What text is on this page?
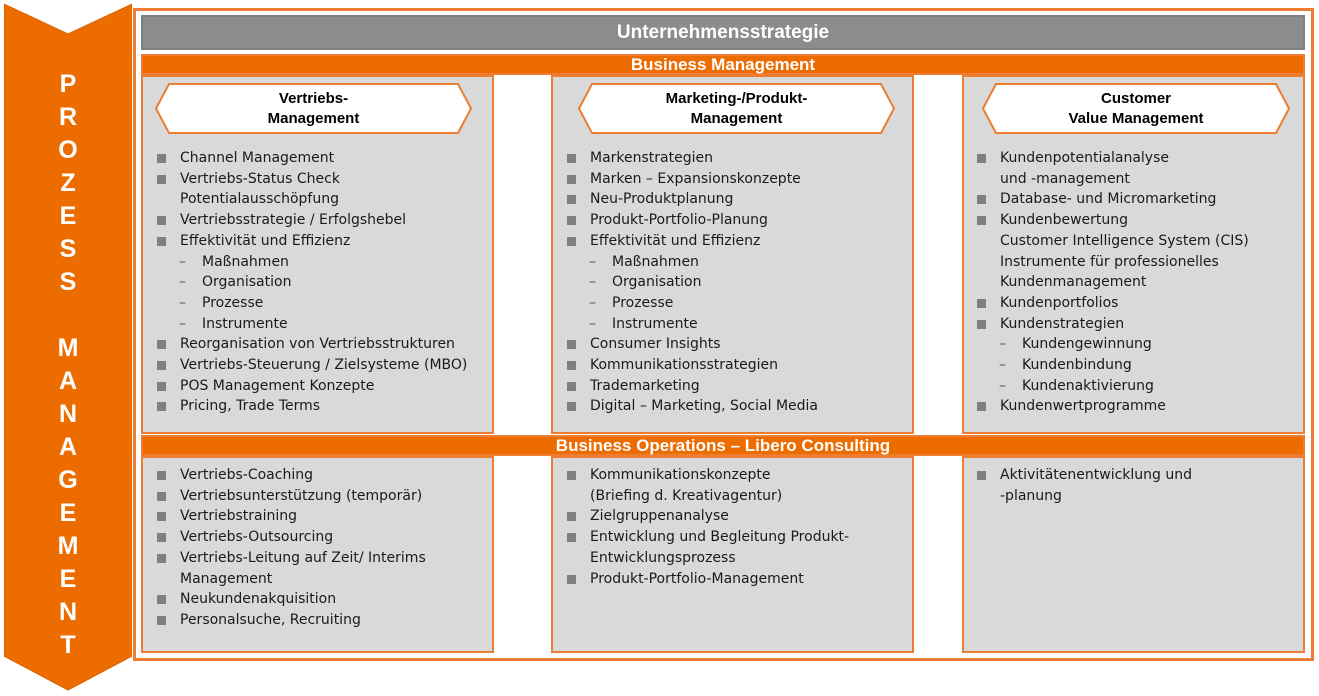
P
R
O
Z
E
S
S
M
A
N
A
G
E
M
E
N
T
Unternehmensstrategie
Business Management
Business Operations – Libero Consulting
Vertriebs-
Management
Marketing-/Produkt-
Management
Customer
Value Management
Channel Management
Vertriebs-Status Check
Potentialausschöpfung
Vertriebsstrategie / Erfolgshebel
Effektivität und Effizienz
– Maßnahmen
– Organisation
– Prozesse
– Instrumente
Reorganisation von Vertriebsstrukturen
Vertriebs-Steuerung / Zielsysteme (MBO)
POS Management Konzepte
Pricing, Trade Terms
Markenstrategien
Marken – Expansionskonzepte
Neu-Produktplanung
Produkt-Portfolio-Planung
Effektivität und Effizienz
– Maßnahmen
– Organisation
– Prozesse
– Instrumente
Consumer Insights
Kommunikationsstrategien
Trademarketing
Digital – Marketing, Social Media
Kundenpotentialanalyse
und -management
Database- und Micromarketing
Kundenbewertung
Customer Intelligence System (CIS)
Instrumente für professionelles
Kundenmanagement
Kundenportfolios
Kundenstrategien
– Kundengewinnung
– Kundenbindung
– Kundenaktivierung
Kundenwertprogramme
Vertriebs-Coaching
Vertriebsunterstützung (temporär)
Vertriebstraining
Vertriebs-Outsourcing
Vertriebs-Leitung auf Zeit/ Interims
Management
Neukundenakquisition
Personalsuche, Recruiting
Kommunikationskonzepte
(Briefing d. Kreativagentur)
Zielgruppenanalyse
Entwicklung und Begleitung Produkt-
Entwicklungsprozess
Produkt-Portfolio-Management
Aktivitätenentwicklung und
-planung
